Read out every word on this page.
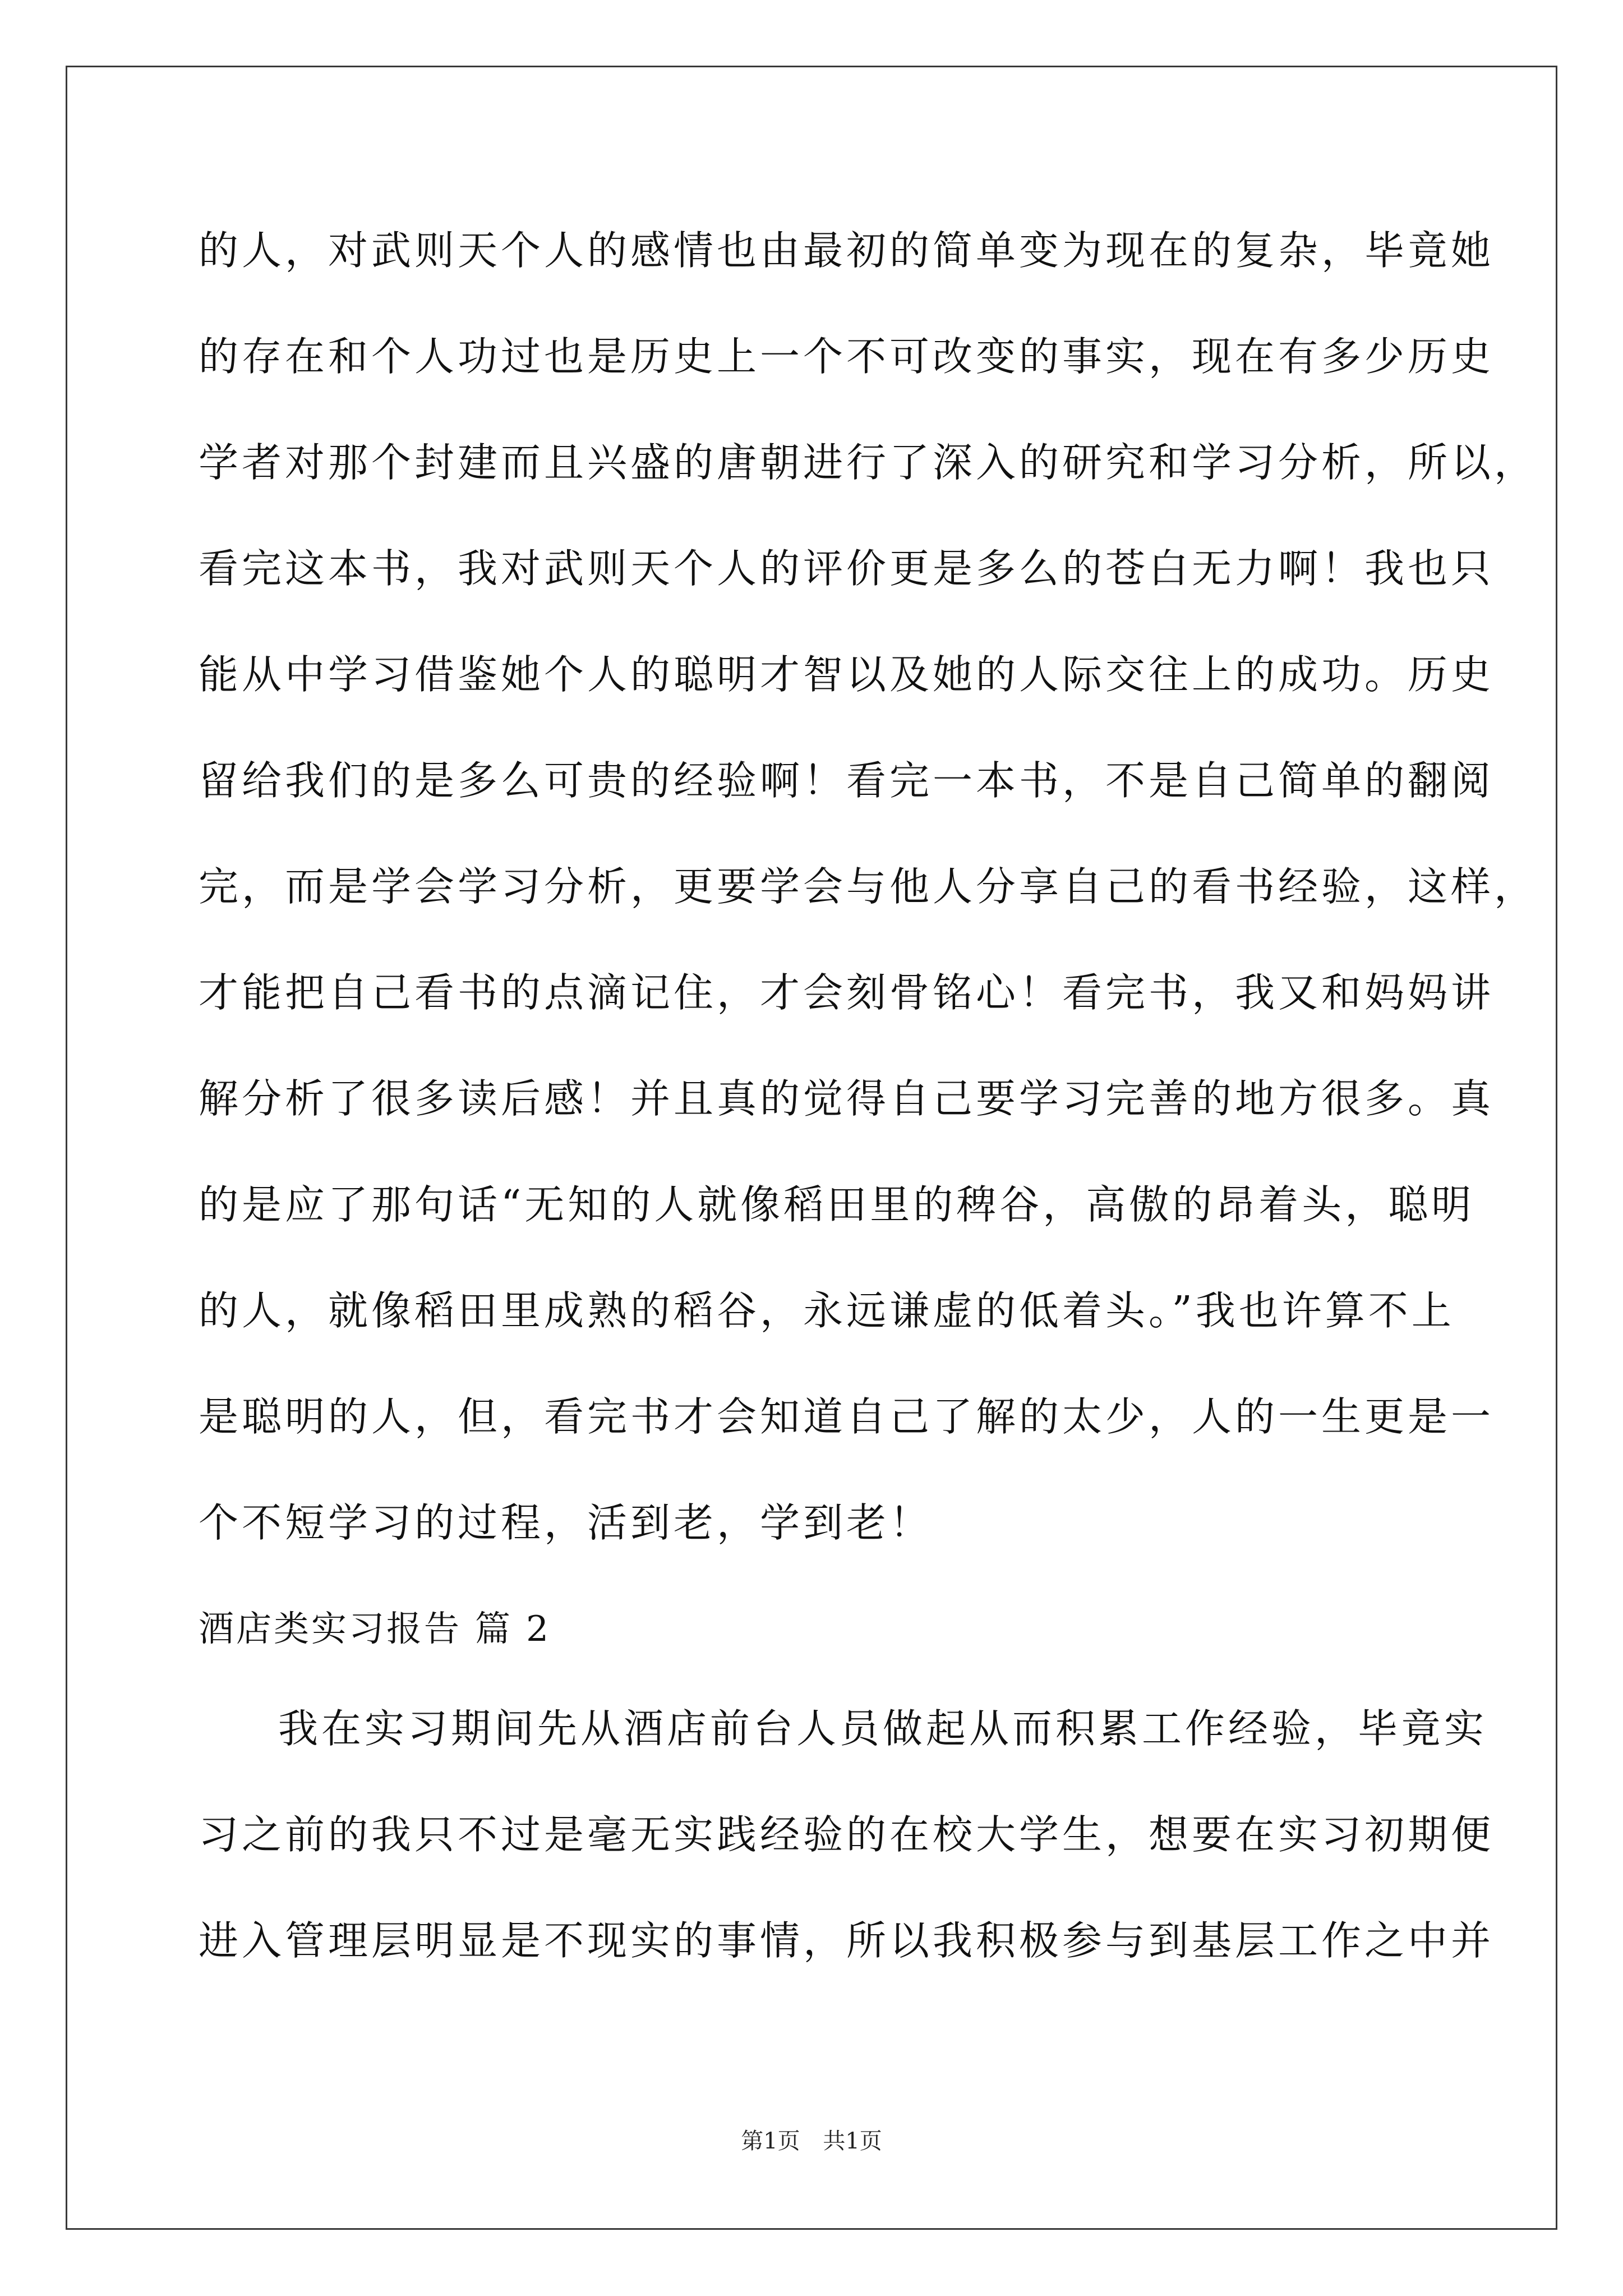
的人，对武则天个人的感情也由最初的简单变为现在的复杂，毕竟她
的存在和个人功过也是历史上一个不可改变的事实，现在有多少历史
学者对那个封建而且兴盛的唐朝进行了深入的研究和学习分析，所以，
看完这本书，我对武则天个人的评价更是多么的苍白无力啊！我也只
能从中学习借鉴她个人的聪明才智以及她的人际交往上的成功。历史
留给我们的是多么可贵的经验啊！看完一本书，不是自己简单的翻阅
完，而是学会学习分析，更要学会与他人分享自己的看书经验，这样，
才能把自己看书的点滴记住，才会刻骨铭心！看完书，我又和妈妈讲
解分析了很多读后感！并且真的觉得自己要学习完善的地方很多。真
的是应了那句话“无知的人就像稻田里的稗谷，高傲的昂着头，聪明
的人，就像稻田里成熟的稻谷，永远谦虚的低着头。”我也许算不上
是聪明的人，但，看完书才会知道自己了解的太少，人的一生更是一
个不短学习的过程，活到老，学到老！
酒店类实习报告 篇 2
我在实习期间先从酒店前台人员做起从而积累工作经验，毕竟实
习之前的我只不过是毫无实践经验的在校大学生，想要在实习初期便
进入管理层明显是不现实的事情，所以我积极参与到基层工作之中并
第1页 共1页
